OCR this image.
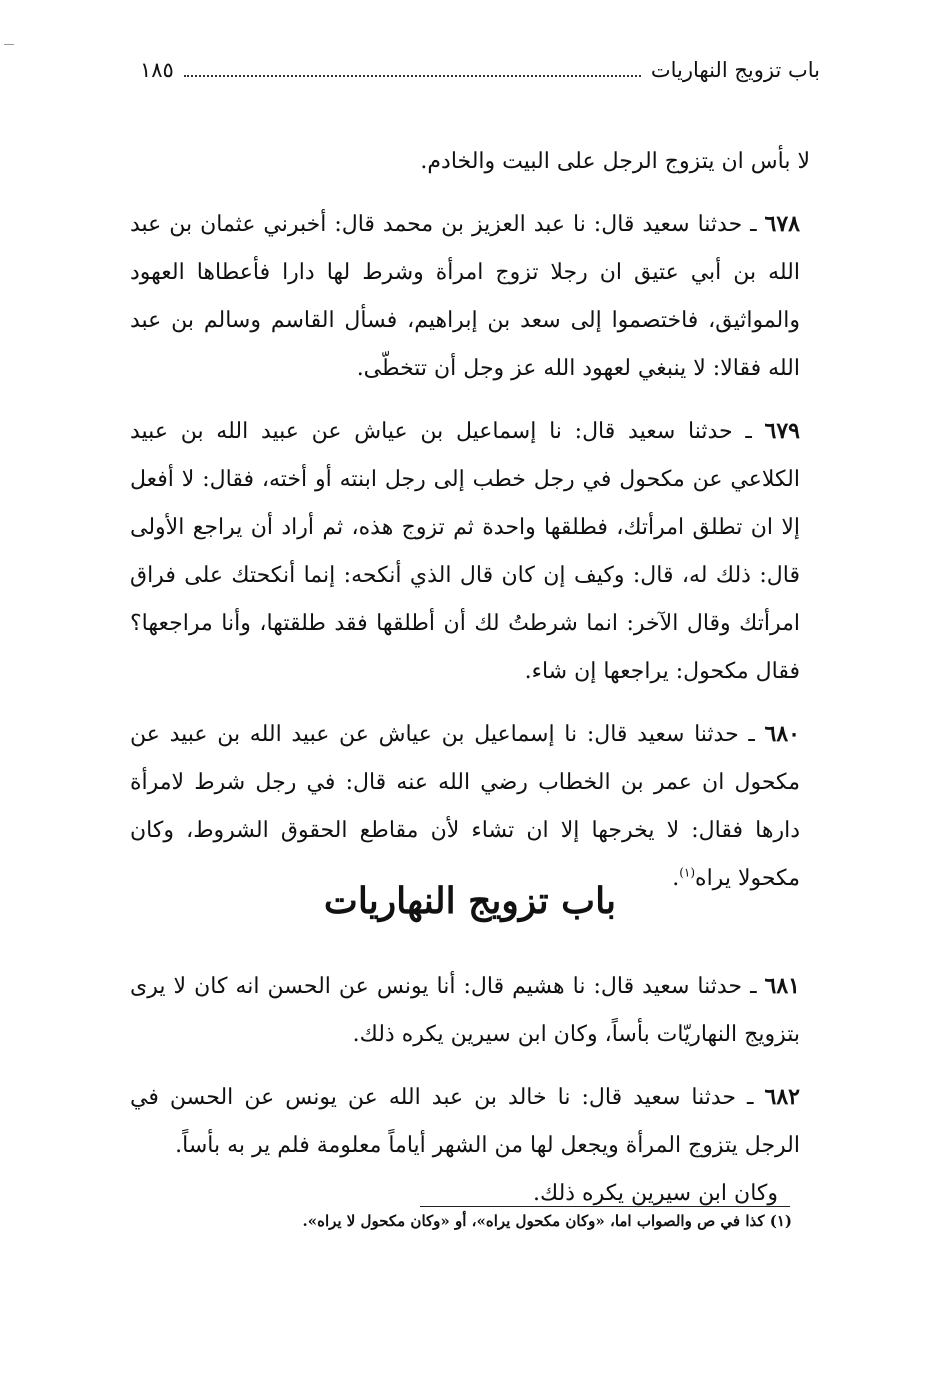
باب تزويج النهاريات
١٨٥

لا بأس ان يتزوج الرجل على البيت والخادم.

٦٧٨ ـ حدثنا سعيد قال: نا عبد العزيز بن محمد قال: أخبرني عثمان بن عبد الله بن أبي عتيق ان رجلا تزوج امرأة وشرط لها دارا فأعطاها العهود والمواثيق، فاختصموا إلى سعد بن إبراهيم، فسأل القاسم وسالم بن عبد الله فقالا: لا ينبغي لعهود الله عز وجل أن تتخطّى.

٦٧٩ ـ حدثنا سعيد قال: نا إسماعيل بن عياش عن عبيد الله بن عبيد الكلاعي عن مكحول في رجل خطب إلى رجل ابنته أو أخته، فقال: لا أفعل إلا ان تطلق امرأتك، فطلقها واحدة ثم تزوج هذه، ثم أراد أن يراجع الأولى قال: ذلك له، قال: وكيف إن كان قال الذي أنكحه: إنما أنكحتك على فراق امرأتك وقال الآخر: انما شرطتُ لك أن أطلقها فقد طلقتها، وأنا مراجعها؟ فقال مكحول: يراجعها إن شاء.

٦٨٠ ـ حدثنا سعيد قال: نا إسماعيل بن عياش عن عبيد الله بن عبيد عن مكحول ان عمر بن الخطاب رضي الله عنه قال: في رجل شرط لامرأة دارها فقال: لا يخرجها إلا ان تشاء لأن مقاطع الحقوق الشروط، وكان مكحولا يراه$^{(١)}$.

باب تزويج النهاريات

٦٨١ ـ حدثنا سعيد قال: نا هشيم قال: أنا يونس عن الحسن انه كان لا يرى بتزويج النهاريّات بأساً، وكان ابن سيرين يكره ذلك.

٦٨٢ ـ حدثنا سعيد قال: نا خالد بن عبد الله عن يونس عن الحسن في الرجل يتزوج المرأة ويجعل لها من الشهر أياماً معلومة فلم ير به بأساً.

وكان ابن سيرين يكره ذلك.

(١) كذا في ص والصواب اما، «وكان مكحول يراه»، أو «وكان مكحول لا يراه».
